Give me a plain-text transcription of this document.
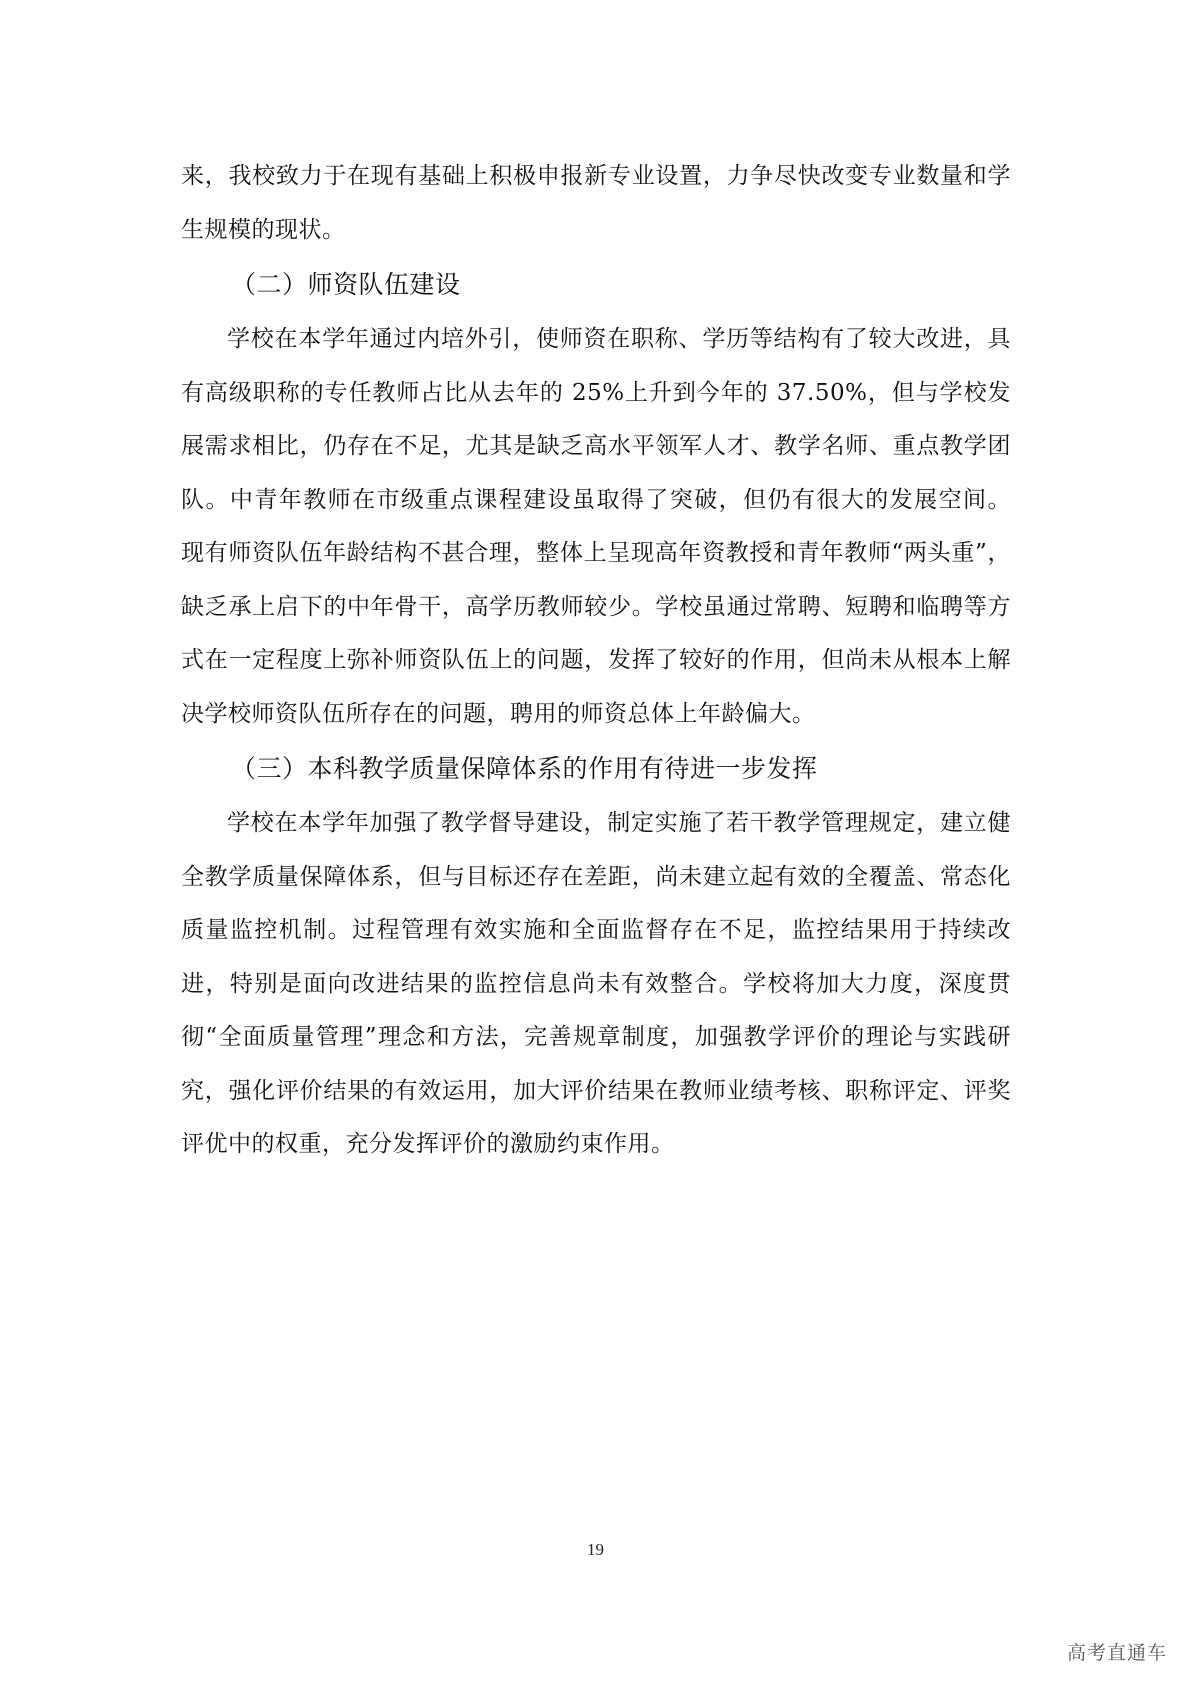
来，我校致力于在现有基础上积极申报新专业设置，力争尽快改变专业数量和学生规模的现状。

（二）师资队伍建设

学校在本学年通过内培外引，使师资在职称、学历等结构有了较大改进，具有高级职称的专任教师占比从去年的 25%上升到今年的 37.50%，但与学校发展需求相比，仍存在不足，尤其是缺乏高水平领军人才、教学名师、重点教学团队。中青年教师在市级重点课程建设虽取得了突破，但仍有很大的发展空间。 现有师资队伍年龄结构不甚合理，整体上呈现高年资教授和青年教师“两头重”，缺乏承上启下的中年骨干，高学历教师较少。学校虽通过常聘、短聘和临聘等方式在一定程度上弥补师资队伍上的问题，发挥了较好的作用，但尚未从根本上解决学校师资队伍所存在的问题，聘用的师资总体上年龄偏大。

（三）本科教学质量保障体系的作用有待进一步发挥

学校在本学年加强了教学督导建设，制定实施了若干教学管理规定，建立健全教学质量保障体系，但与目标还存在差距，尚未建立起有效的全覆盖、常态化质量监控机制。过程管理有效实施和全面监督存在不足，监控结果用于持续改进，特别是面向改进结果的监控信息尚未有效整合。学校将加大力度，深度贯彻“全面质量管理”理念和方法，完善规章制度，加强教学评价的理论与实践研究，强化评价结果的有效运用，加大评价结果在教师业绩考核、职称评定、评奖评优中的权重，充分发挥评价的激励约束作用。

19
高考直通车
